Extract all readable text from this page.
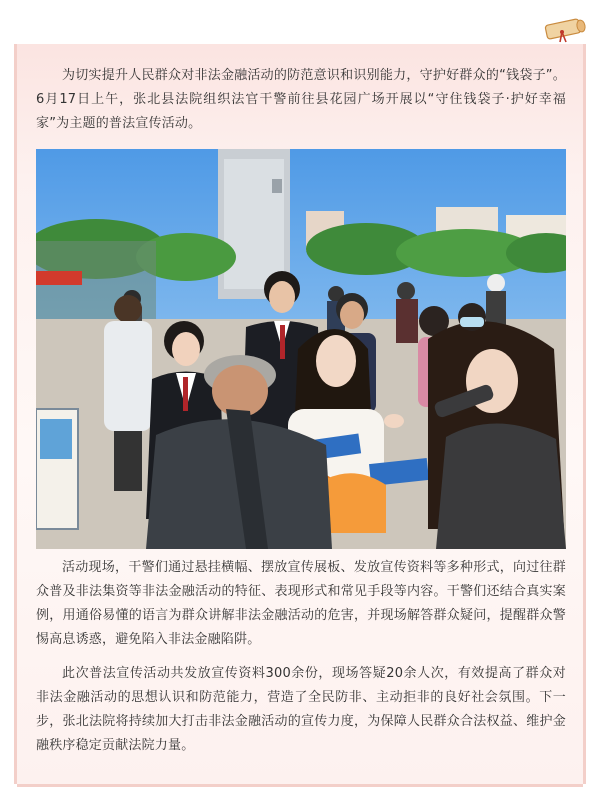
为切实提升人民群众对非法金融活动的防范意识和识别能力，守护好群众的“钱袋子”。6月17日上午，张北县法院组织法官干警前往县花园广场开展以“守住钱袋子·护好幸福家”为主题的普法宣传活动。

活动现场，干警们通过悬挂横幅、摆放宣传展板、发放宣传资料等多种形式，向过往群众普及非法集资等非法金融活动的特征、表现形式和常见手段等内容。干警们还结合真实案例，用通俗易懂的语言为群众讲解非法金融活动的危害，并现场解答群众疑问，提醒群众警惕高息诱惑，避免陷入非法金融陷阱。

此次普法宣传活动共发放宣传资料300余份，现场答疑20余人次，有效提高了群众对非法金融活动的思想认识和防范能力，营造了全民防非、主动拒非的良好社会氛围。下一步，张北法院将持续加大打击非法金融活动的宣传力度，为保障人民群众合法权益、维护金融秩序稳定贡献法院力量。
